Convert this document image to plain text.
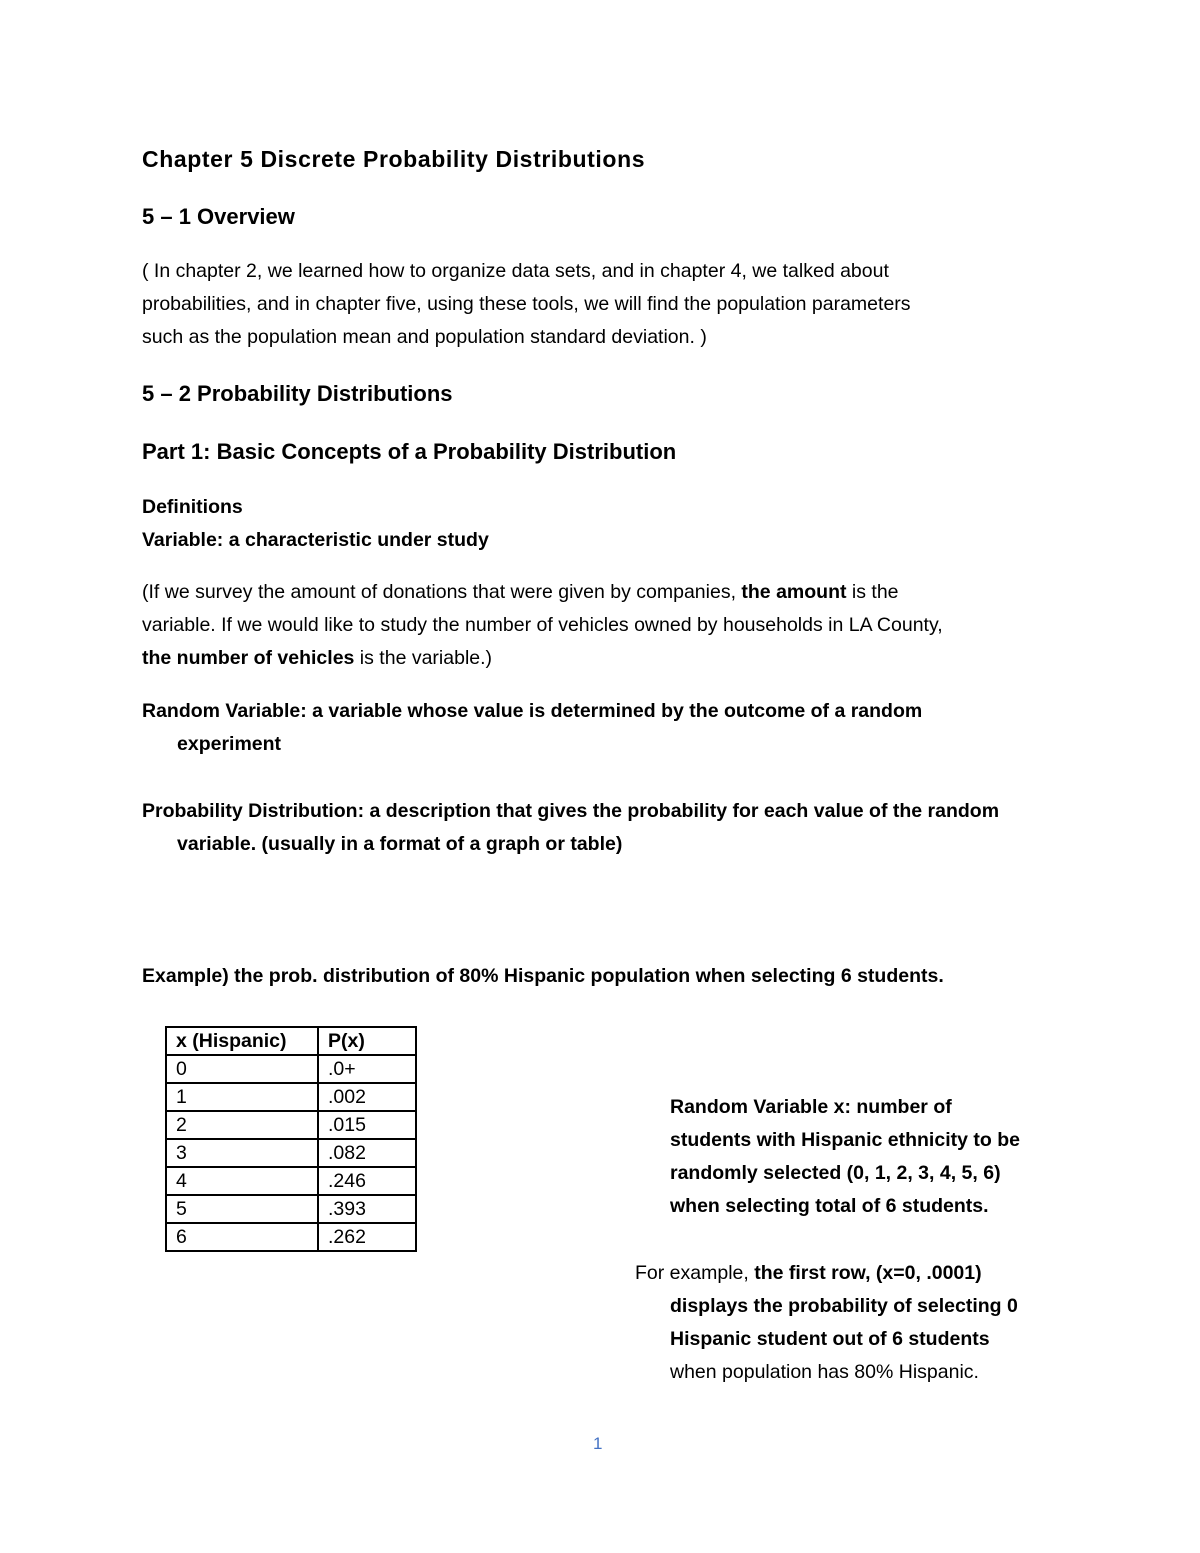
Chapter 5 Discrete Probability Distributions
5 – 1 Overview
( In chapter 2, we learned how to organize data sets, and in chapter 4, we talked about
probabilities, and in chapter five, using these tools, we will find the population parameters
such as the population mean and population standard deviation. )
5 – 2 Probability Distributions
Part 1: Basic Concepts of a Probability Distribution
Definitions
Variable: a characteristic under study
(If we survey the amount of donations that were given by companies, the amount is the
variable. If we would like to study the number of vehicles owned by households in LA County,
the number of vehicles is the variable.)
Random Variable: a variable whose value is determined by the outcome of a random
experiment
Probability Distribution: a description that gives the probability for each value of the random
variable. (usually in a format of a graph or table)
Example) the prob. distribution of 80% Hispanic population when selecting 6 students.
x (Hispanic)	P(x)
0	.0+
1	.002
2	.015
3	.082
4	.246
5	.393
6	.262
Random Variable x: number of
students with Hispanic ethnicity to be
randomly selected (0, 1, 2, 3, 4, 5, 6)
when selecting total of 6 students.
For example, the first row, (x=0, .0001)
displays the probability of selecting 0
Hispanic student out of 6 students
when population has 80% Hispanic.
1
